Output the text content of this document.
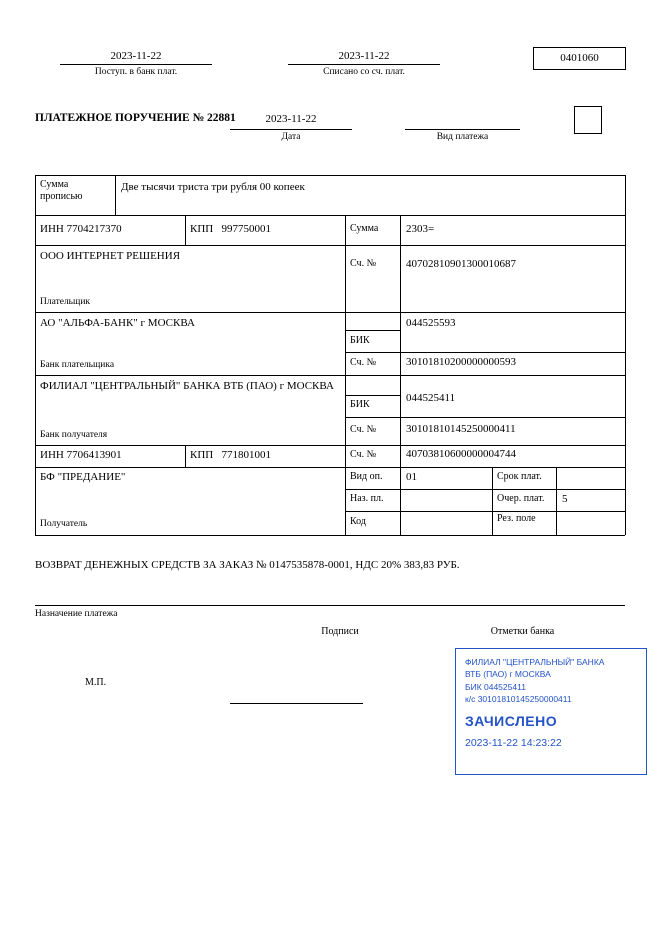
2023-11-22
Поступ. в банк плат.
2023-11-22
Списано со сч. плат.
0401060
ПЛАТЕЖНОЕ ПОРУЧЕНИЕ № 22881	2023-11-22
Дата	Вид платежа
Сумма прописью
Две тысячи триста три рубля 00 копеек
ИНН 7704217370	КПП   997750001	Сумма	2303=
ООО ИНТЕРНЕТ РЕШЕНИЯ
Плательщик
Сч. №	40702810901300010687
АО "АЛЬФА-БАНК" г МОСКВА
Банк плательщика
044525593
БИК
Сч. №	30101810200000000593
ФИЛИАЛ "ЦЕНТРАЛЬНЫЙ" БАНКА ВТБ (ПАО) г МОСКВА
Банк получателя
044525411
БИК
Сч. №	30101810145250000411
ИНН 7706413901	КПП   771801001	Сч. №	40703810600000004744
БФ "ПРЕДАНИЕ"
Получатель
Вид оп. 01	Срок плат.
Наз. пл.	Очер. плат. 5
Код	Рез. поле
ВОЗВРАТ ДЕНЕЖНЫХ СРЕДСТВ ЗА ЗАКАЗ № 0147535878-0001, НДС 20% 383,83 РУБ.
Назначение платежа
Подписи	Отметки банка
М.П.
ФИЛИАЛ "ЦЕНТРАЛЬНЫЙ" БАНКА
ВТБ (ПАО) г МОСКВА
БИК 044525411
к/с 30101810145250000411
ЗАЧИСЛЕНО
2023-11-22 14:23:22
